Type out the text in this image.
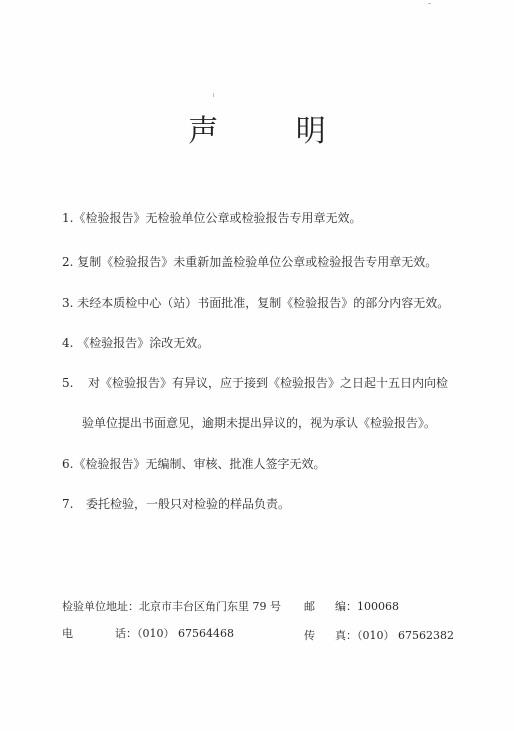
声 明
1.《检验报告》无检验单位公章或检验报告专用章无效。
2. 复制《检验报告》未重新加盖检验单位公章或检验报告专用章无效。
3. 未经本质检中心（站）书面批准，复制《检验报告》的部分内容无效。
4. 《检验报告》涂改无效。
5. 对《检验报告》有异议，应于接到《检验报告》之日起十五日内向检
验单位提出书面意见，逾期未提出异议的，视为承认《检验报告》。
6.《检验报告》无编制、审核、批准人签字无效。
7. 委托检验，一般只对检验的样品负责。
检验单位地址：北京市丰台区角门东里 79 号 邮 编：100068
电	话：（010） 67564468	传 真：（010） 67562382
